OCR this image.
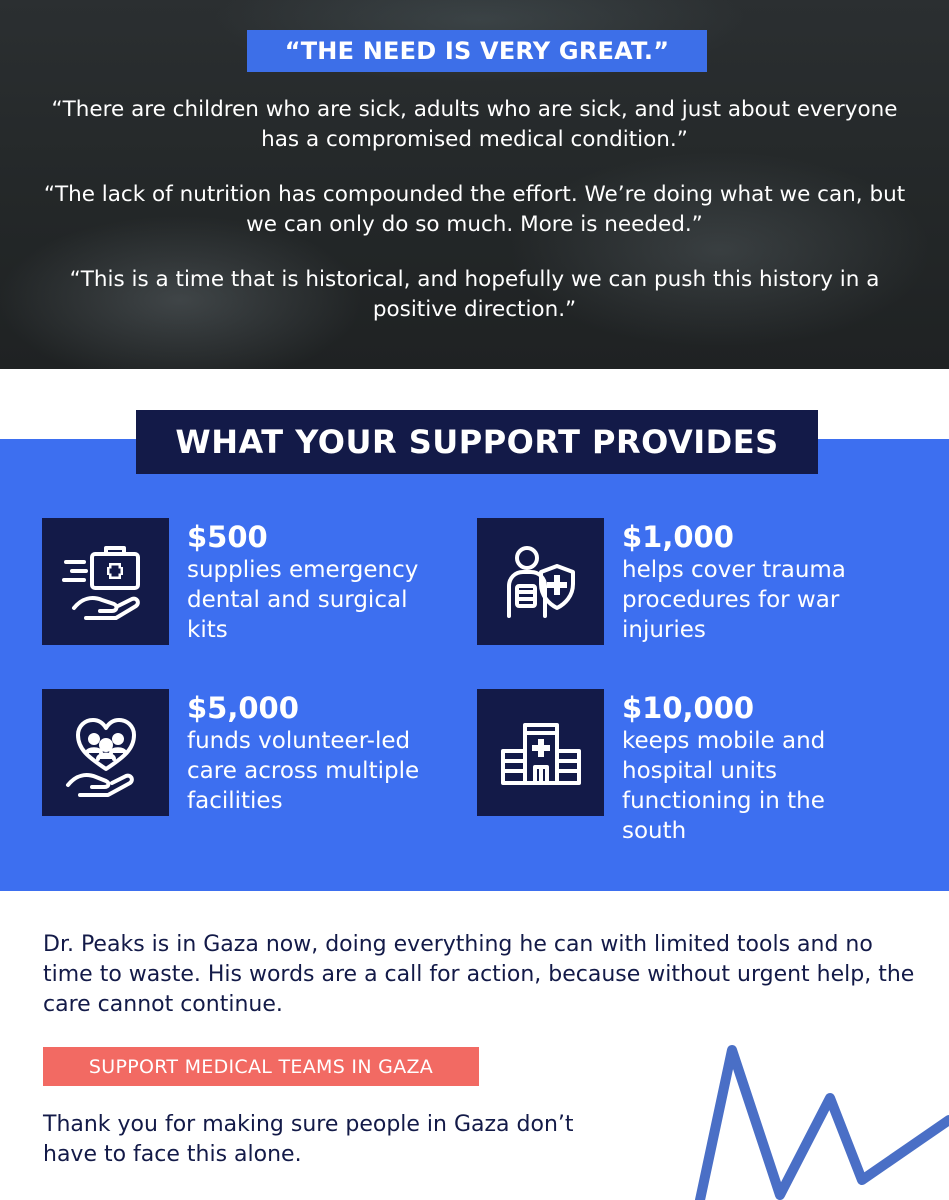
“THE NEED IS VERY GREAT.”

“There are children who are sick, adults who are sick, and just about everyone has a compromised medical condition.”

“The lack of nutrition has compounded the effort. We’re doing what we can, but we can only do so much. More is needed.”

“This is a time that is historical, and hopefully we can push this history in a positive direction.”

WHAT YOUR SUPPORT PROVIDES
$500
supplies emergency dental and surgical kits
$1,000
helps cover trauma procedures for war injuries
$5,000
funds volunteer-led care across multiple facilities
$10,000
keeps mobile and hospital units functioning in the south

Dr. Peaks is in Gaza now, doing everything he can with limited tools and no time to waste. His words are a call for action, because without urgent help, the care cannot continue.

SUPPORT MEDICAL TEAMS IN GAZA

Thank you for making sure people in Gaza don’t have to face this alone.
